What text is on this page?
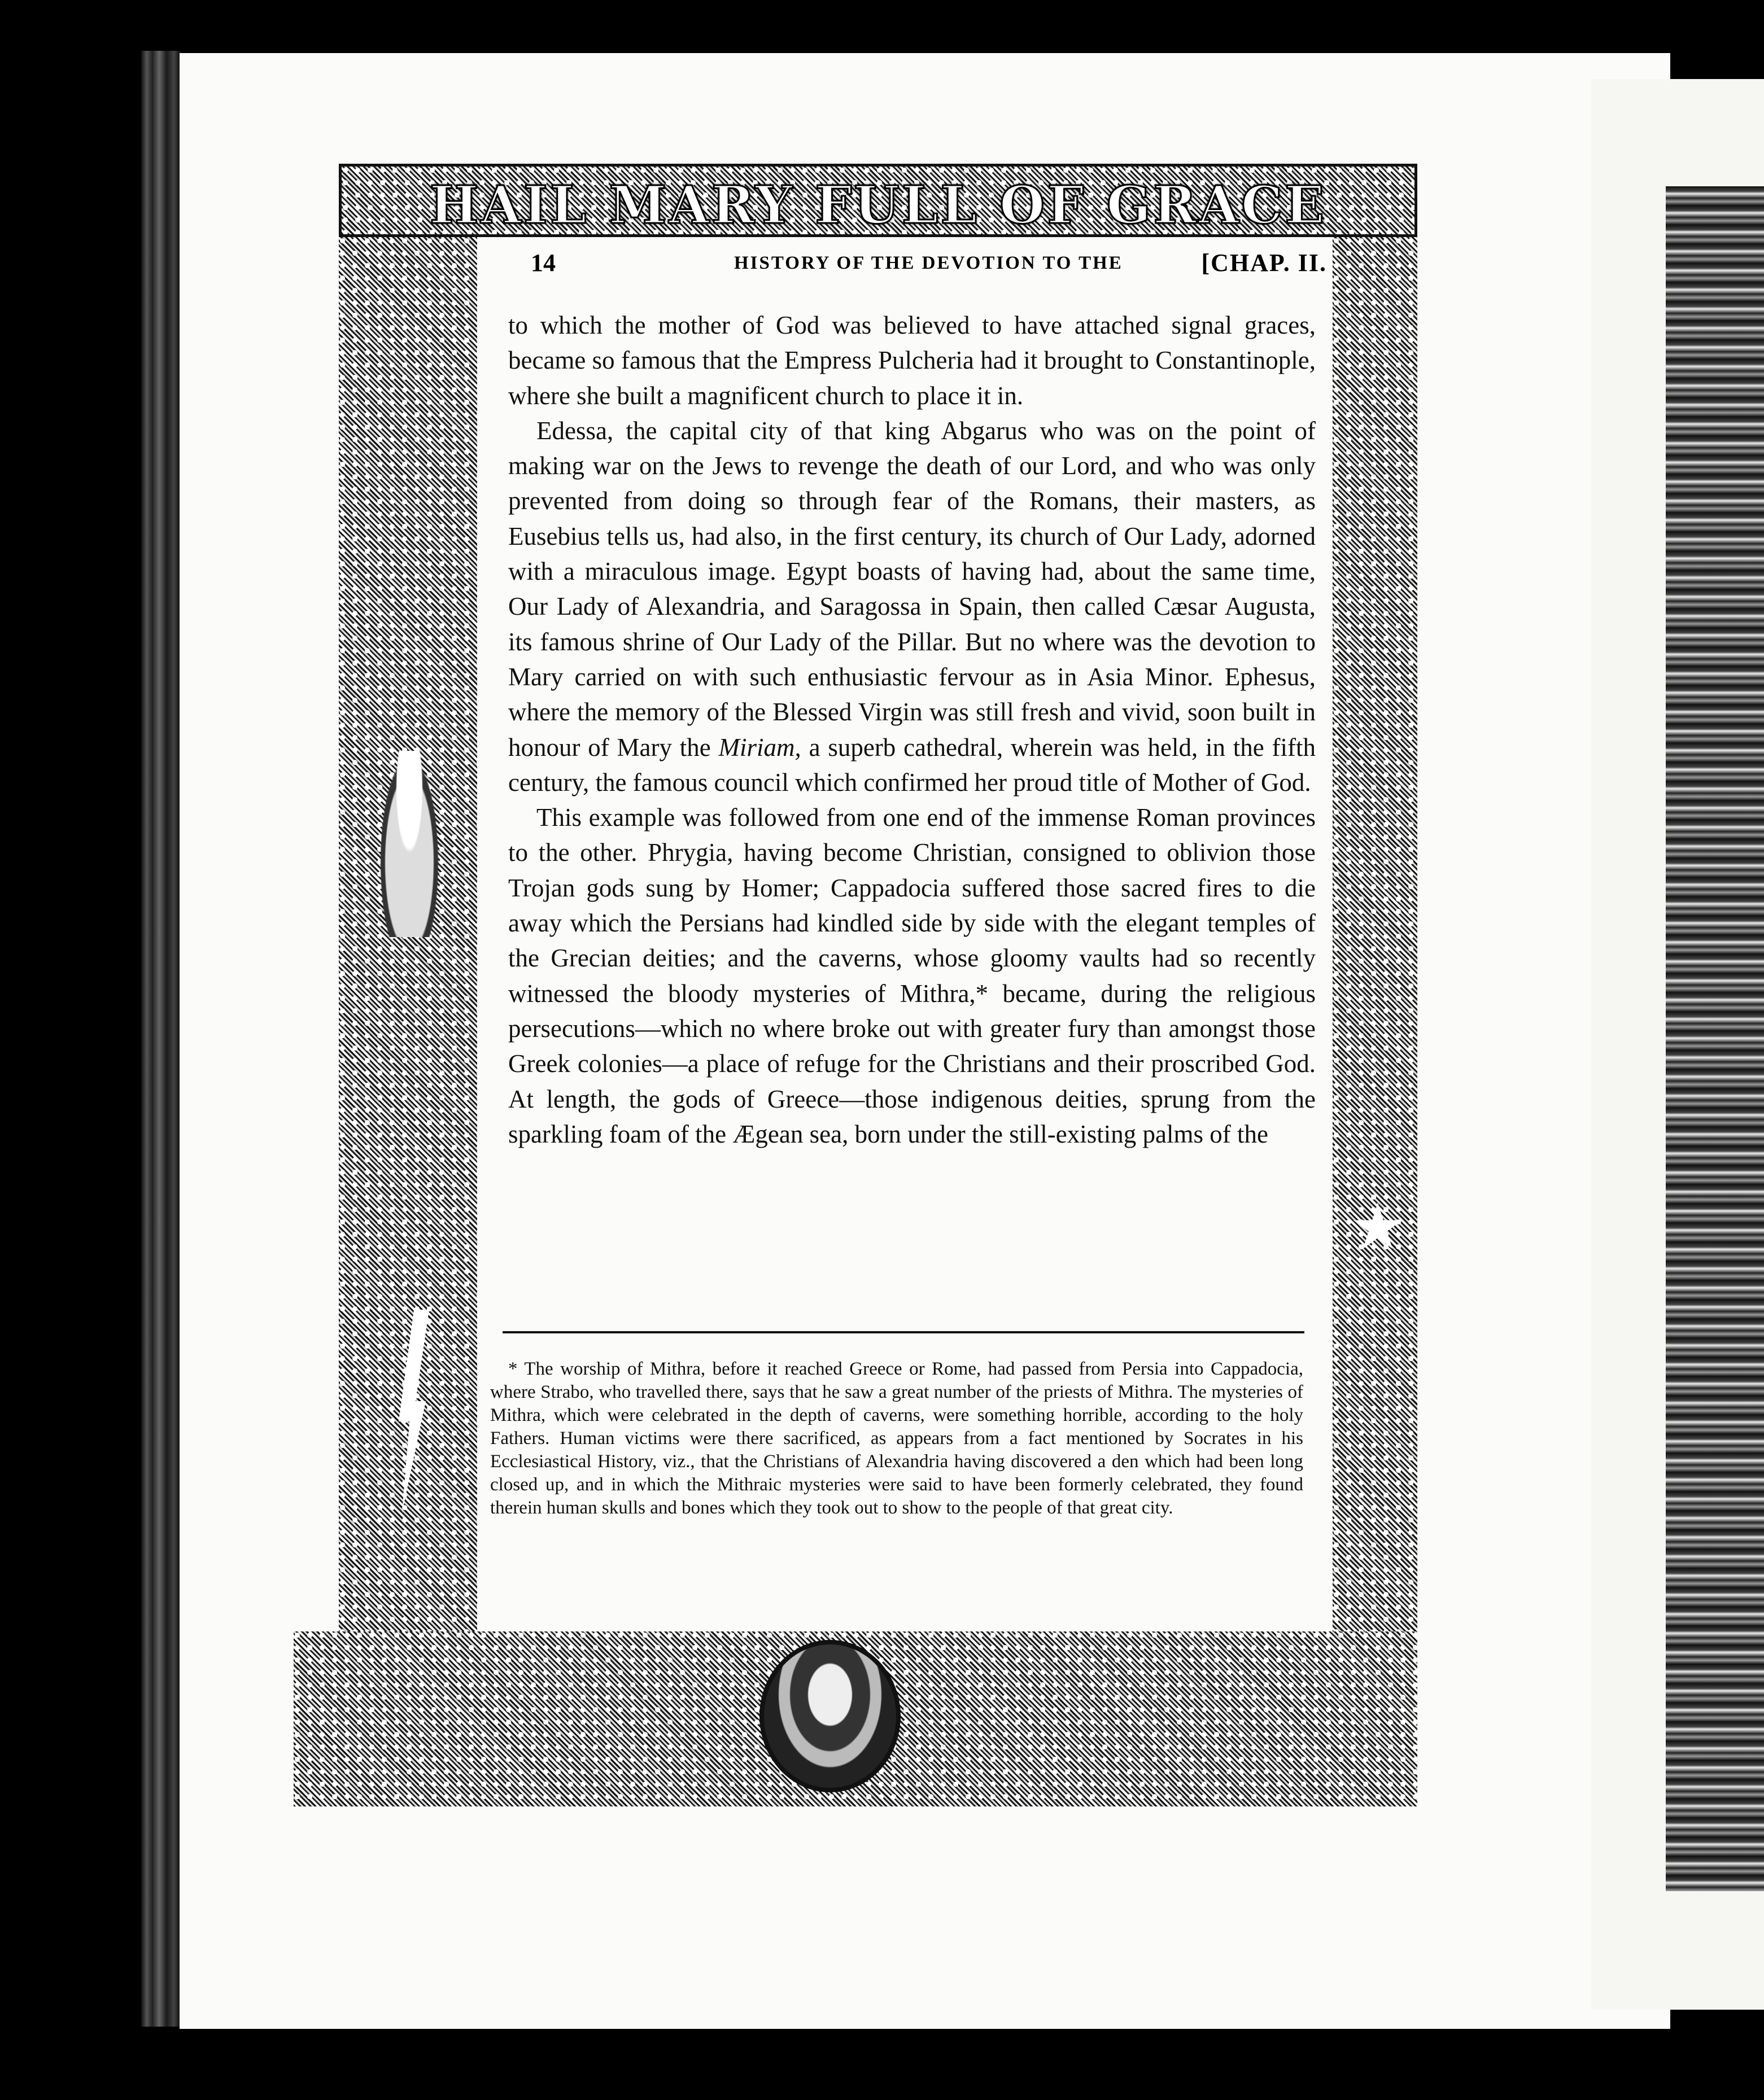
HAIL MARY FULL OF GRACE
14	HISTORY OF THE DEVOTION TO THE	[CHAP. II.

to which the mother of God was believed to have attached signal graces, became so famous that the Empress Pulcheria had it brought to Constantinople, where she built a magnificent church to place it in.

Edessa, the capital city of that king Abgarus who was on the point of making war on the Jews to revenge the death of our Lord, and who was only prevented from doing so through fear of the Romans, their masters, as Eusebius tells us, had also, in the first century, its church of Our Lady, adorned with a miraculous image. Egypt boasts of having had, about the same time, Our Lady of Alexandria, and Saragossa in Spain, then called Cæsar Augusta, its famous shrine of Our Lady of the Pillar. But no where was the devotion to Mary carried on with such enthusiastic fervour as in Asia Minor. Ephesus, where the memory of the Blessed Virgin was still fresh and vivid, soon built in honour of Mary the Miriam, a superb cathedral, wherein was held, in the fifth century, the famous council which confirmed her proud title of Mother of God.

This example was followed from one end of the immense Roman provinces to the other. Phrygia, having become Christian, consigned to oblivion those Trojan gods sung by Homer; Cappadocia suffered those sacred fires to die away which the Persians had kindled side by side with the elegant temples of the Grecian deities; and the caverns, whose gloomy vaults had so recently witnessed the bloody mysteries of Mithra,* became, during the religious persecutions—which no where broke out with greater fury than amongst those Greek colonies—a place of refuge for the Christians and their proscribed God. At length, the gods of Greece—those indigenous deities, sprung from the sparkling foam of the Ægean sea, born under the still-existing palms of the

* The worship of Mithra, before it reached Greece or Rome, had passed from Persia into Cappadocia, where Strabo, who travelled there, says that he saw a great number of the priests of Mithra. The mysteries of Mithra, which were celebrated in the depth of caverns, were something horrible, according to the holy Fathers. Human victims were there sacrificed, as appears from a fact mentioned by Socrates in his Ecclesiastical History, viz., that the Christians of Alexandria having discovered a den which had been long closed up, and in which the Mithraic mysteries were said to have been formerly celebrated, they found therein human skulls and bones which they took out to show to the people of that great city.
